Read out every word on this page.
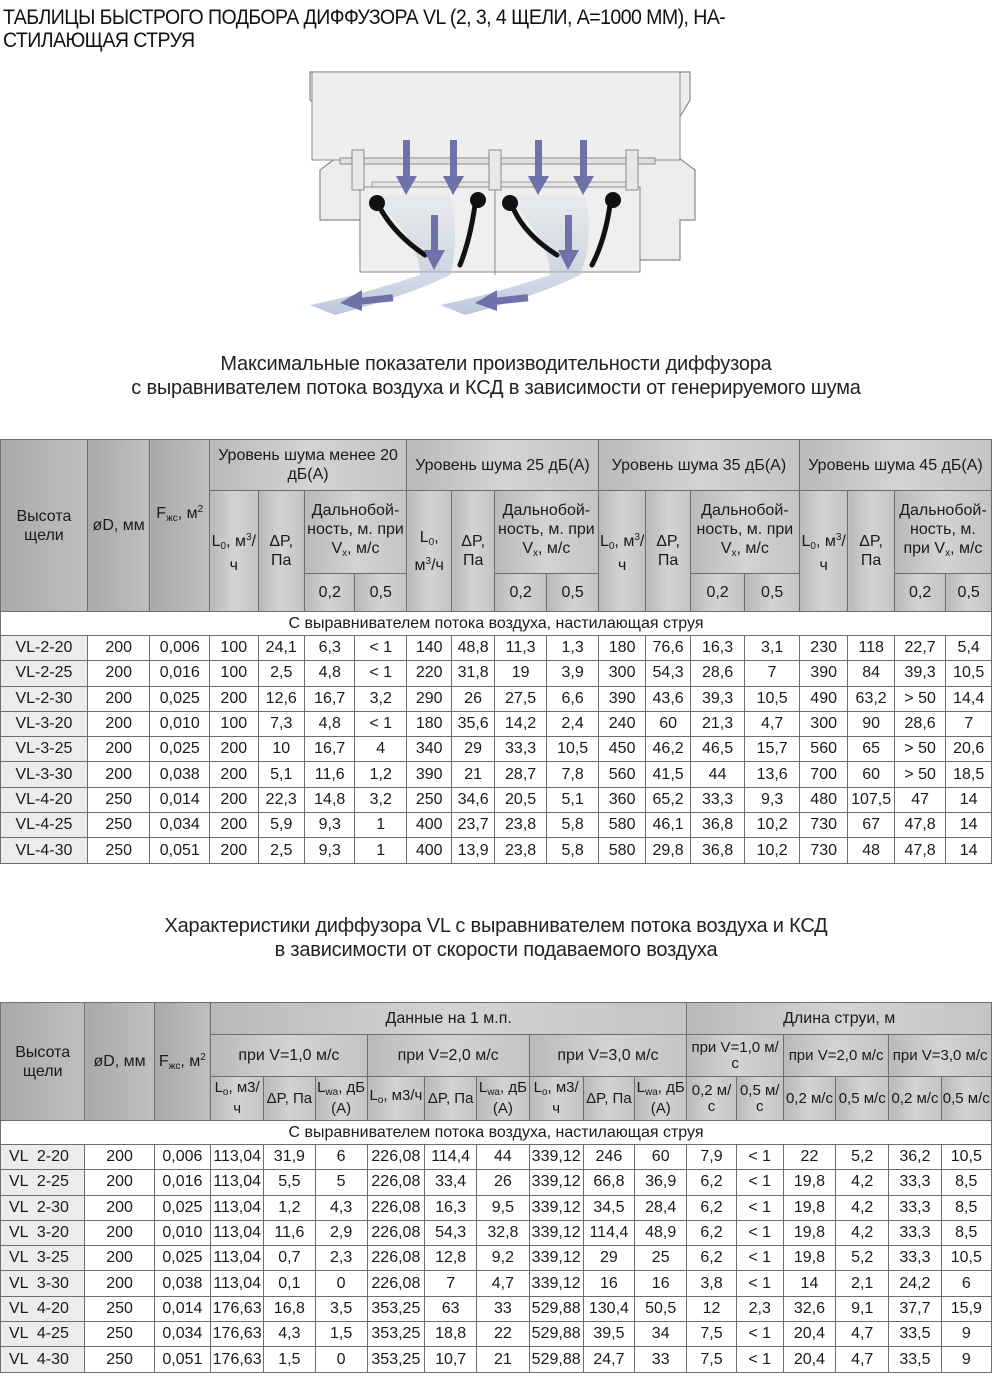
ТАБЛИЦЫ БЫСТРОГО ПОДБОРА ДИФФУЗОРА VL (2, 3, 4 ЩЕЛИ, A=1000 ММ), НА-
СТИЛАЮЩАЯ СТРУЯ
Максимальные показатели производительности диффузора
с выравнивателем потока воздуха и КСД в зависимости от генерируемого шума
Высота щели	øD, мм	$F_{жс}$, $м^2$	Уровень шума менее 20 дБ(А)				Уровень шума 25 дБ(А)				Уровень шума 35 дБ(А)				Уровень шума 45 дБ(А)			
			$L_0$, $м^3/ч$	ΔP, Па	Дальнобой-ность, м. при $V_x$, м/с		$L_0$, $м^3/ч$	ΔP, Па	Дальнобой-ность, м. при $V_x$, м/с		$L_0$, $м^3/ч$	ΔP, Па	Дальнобой-ность, м. при $V_x$, м/с		$L_0$, $м^3/ч$	ΔP, Па	Дальнобой-ность, м. при $V_x$, м/с	
					0,2	0,5			0,2	0,5			0,2	0,5			0,2	0,5
С выравнивателем потока воздуха, настилающая струя																		
VL-2-20	200	0,006	100	24,1	6,3	< 1	140	48,8	11,3	1,3	180	76,6	16,3	3,1	230	118	22,7	5,4
VL-2-25	200	0,016	100	2,5	4,8	< 1	220	31,8	19	3,9	300	54,3	28,6	7	390	84	39,3	10,5
VL-2-30	200	0,025	200	12,6	16,7	3,2	290	26	27,5	6,6	390	43,6	39,3	10,5	490	63,2	> 50	14,4
VL-3-20	200	0,010	100	7,3	4,8	< 1	180	35,6	14,2	2,4	240	60	21,3	4,7	300	90	28,6	7
VL-3-25	200	0,025	200	10	16,7	4	340	29	33,3	10,5	450	46,2	46,5	15,7	560	65	> 50	20,6
VL-3-30	200	0,038	200	5,1	11,6	1,2	390	21	28,7	7,8	560	41,5	44	13,6	700	60	> 50	18,5
VL-4-20	250	0,014	200	22,3	14,8	3,2	250	34,6	20,5	5,1	360	65,2	33,3	9,3	480	107,5	47	14
VL-4-25	250	0,034	200	5,9	9,3	1	400	23,7	23,8	5,8	580	46,1	36,8	10,2	730	67	47,8	14
VL-4-30	250	0,051	200	2,5	9,3	1	400	13,9	23,8	5,8	580	29,8	36,8	10,2	730	48	47,8	14
Характеристики диффузора VL с выравнивателем потока воздуха и КСД
в зависимости от скорости подаваемого воздуха
Высота щели	øD, мм	$F_{жс}$, $м^2$	Данные на 1 м.п.									Длина струи, м					
			при V=1,0 м/с			при V=2,0 м/с			при V=3,0 м/с			при V=1,0 м/с		при V=2,0 м/с		при V=3,0 м/с	
			$L_o$, м3/ч	ΔP, Па	$L_{wa}$, дБ (А)	$L_o$, м3/ч	ΔP, Па	$L_{wa}$, дБ (А)	$L_o$, м3/ч	ΔP, Па	$L_{wa}$, дБ (А)	0,2 м/с	0,5 м/с	0,2 м/с	0,5 м/с	0,2 м/с	0,5 м/с
С выравнивателем потока воздуха, настилающая струя																	
VL  2-20	200	0,006	113,04	31,9	6	226,08	114,4	44	339,12	246	60	7,9	< 1	22	5,2	36,2	10,5
VL  2-25	200	0,016	113,04	5,5	5	226,08	33,4	26	339,12	66,8	36,9	6,2	< 1	19,8	4,2	33,3	8,5
VL  2-30	200	0,025	113,04	1,2	4,3	226,08	16,3	9,5	339,12	34,5	28,4	6,2	< 1	19,8	4,2	33,3	8,5
VL  3-20	200	0,010	113,04	11,6	2,9	226,08	54,3	32,8	339,12	114,4	48,9	6,2	< 1	19,8	4,2	33,3	8,5
VL  3-25	200	0,025	113,04	0,7	2,3	226,08	12,8	9,2	339,12	29	25	6,2	< 1	19,8	5,2	33,3	10,5
VL  3-30	200	0,038	113,04	0,1	0	226,08	7	4,7	339,12	16	16	3,8	< 1	14	2,1	24,2	6
VL  4-20	250	0,014	176,63	16,8	3,5	353,25	63	33	529,88	130,4	50,5	12	2,3	32,6	9,1	37,7	15,9
VL  4-25	250	0,034	176,63	4,3	1,5	353,25	18,8	22	529,88	39,5	34	7,5	< 1	20,4	4,7	33,5	9
VL  4-30	250	0,051	176,63	1,5	0	353,25	10,7	21	529,88	24,7	33	7,5	< 1	20,4	4,7	33,5	9
